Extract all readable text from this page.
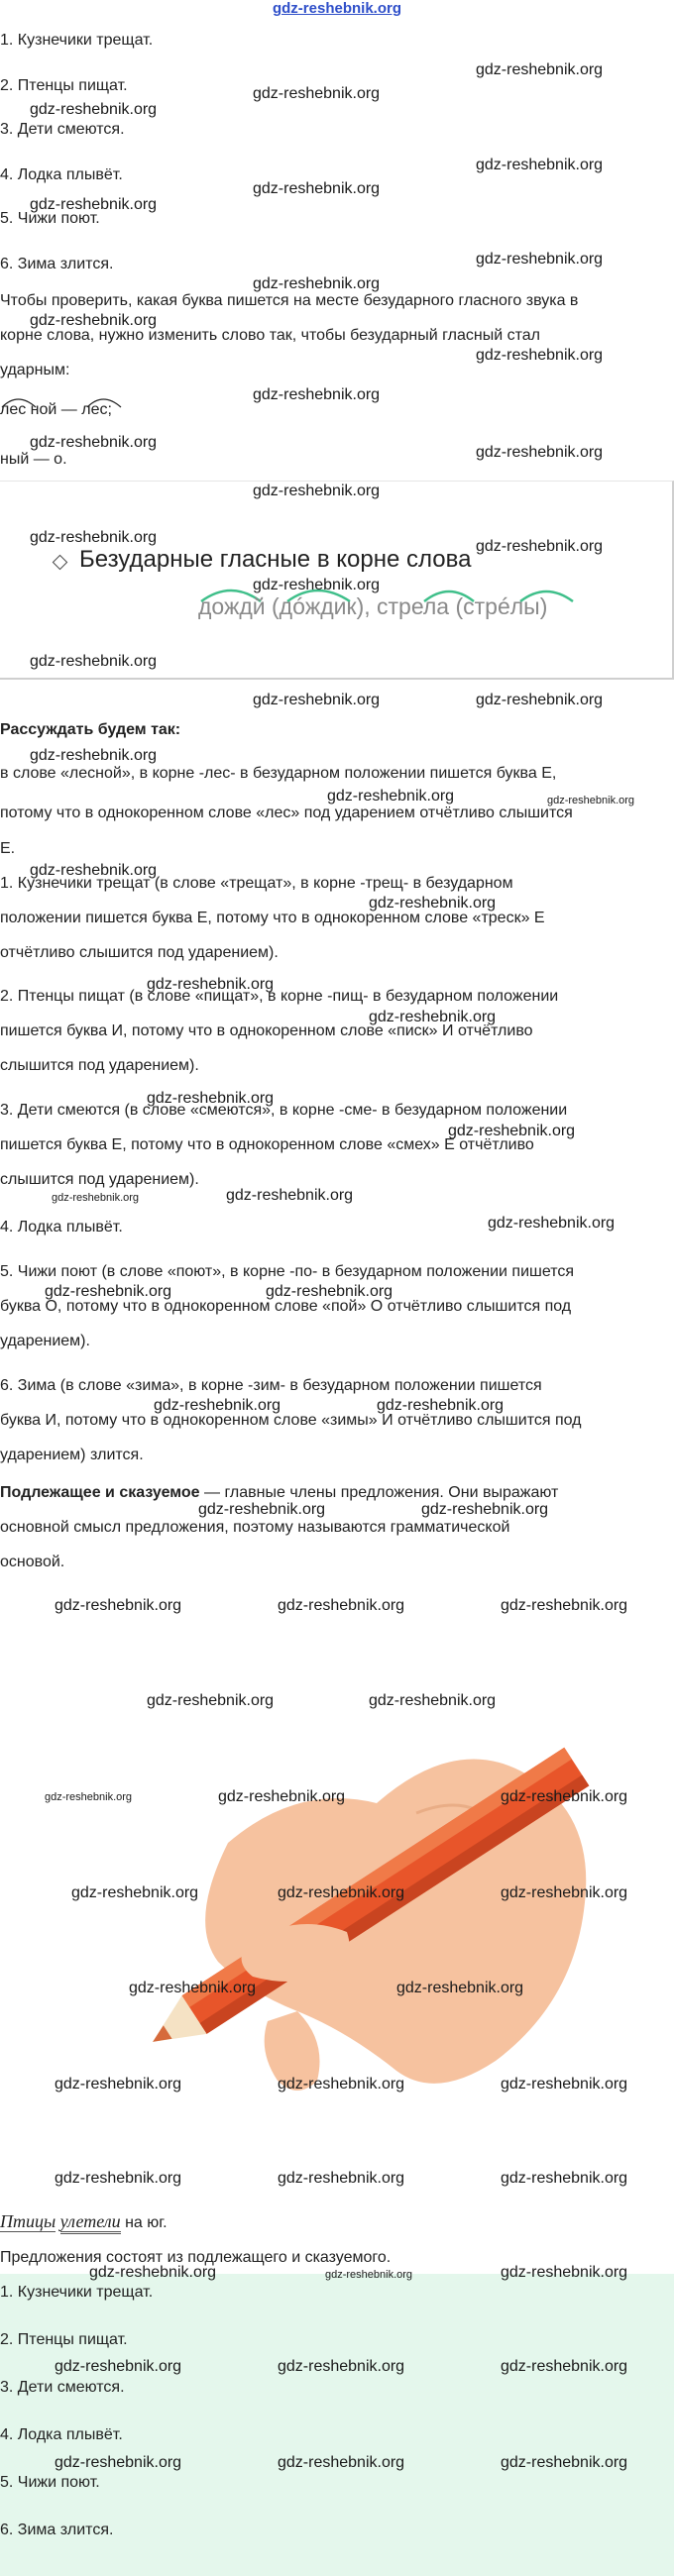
gdz-reshebnik.org
1. Кузнечики трещат.
2. Птенцы пищат.
3. Дети смеются.
4. Лодка плывёт.
5. Чижи поют.
6. Зима злится.
Чтобы проверить, какая буква пишется на месте безударного гласного звука в
корне слова, нужно изменить слово так, чтобы безударный гласный стал
ударным:
лес ной — лес;
ный — о.
Безударные гласные в корне слова
дождй (дóждик), стрела (стрéлы)
Рассуждать будем так:
в слове «лесной», в корне -лес- в безударном положении пишется буква Е,
потому что в однокоренном слове «лес» под ударением отчётливо слышится
Е.
1. Кузнечики трещат (в слове «трещат», в корне -трещ- в безударном
положении пишется буква Е, потому что в однокоренном слове «треск» Е
отчётливо слышится под ударением).
2. Птенцы пищат (в слове «пищат», в корне -пищ- в безударном положении
пишется буква И, потому что в однокоренном слове «писк» И отчётливо
слышится под ударением).
3. Дети смеются (в слове «смеются», в корне -сме- в безударном положении
пишется буква Е, потому что в однокоренном слове «смех» Е отчётливо
слышится под ударением).
4. Лодка плывёт.
5. Чижи поют (в слове «поют», в корне -по- в безударном положении пишется
буква О, потому что в однокоренном слове «пой» О отчётливо слышится под
ударением).
6. Зима (в слове «зима», в корне -зим- в безударном положении пишется
буква И, потому что в однокоренном слове «зимы» И отчётливо слышится под
ударением) злится.
Подлежащее и сказуемое — главные члены предложения. Они выражают
основной смысл предложения, поэтому называются грамматической
основой.
Птицы улетели на юг.
Предложения состоят из подлежащего и сказуемого.
1. Кузнечики трещат.
2. Птенцы пищат.
3. Дети смеются.
4. Лодка плывёт.
5. Чижи поют.
6. Зима злится.
gdz-reshebnik.org
gdz-reshebnik.org
gdz-reshebnik.org
gdz-reshebnik.org
gdz-reshebnik.org
gdz-reshebnik.org
gdz-reshebnik.org
gdz-reshebnik.org
gdz-reshebnik.org
gdz-reshebnik.org
gdz-reshebnik.org
gdz-reshebnik.org
gdz-reshebnik.org
gdz-reshebnik.org
gdz-reshebnik.org
gdz-reshebnik.org
gdz-reshebnik.org
gdz-reshebnik.org
gdz-reshebnik.org	gdz-reshebnik.org
gdz-reshebnik.org
gdz-reshebnik.org	gdz-reshebnik.org
gdz-reshebnik.org
gdz-reshebnik.org
gdz-reshebnik.org
gdz-reshebnik.org
gdz-reshebnik.org
gdz-reshebnik.org
gdz-reshebnik.org	gdz-reshebnik.org
gdz-reshebnik.org
gdz-reshebnik.org	gdz-reshebnik.org
gdz-reshebnik.org	gdz-reshebnik.org
gdz-reshebnik.org	gdz-reshebnik.org
gdz-reshebnik.org	gdz-reshebnik.org	gdz-reshebnik.org
gdz-reshebnik.org	gdz-reshebnik.org
gdz-reshebnik.org	gdz-reshebnik.org	gdz-reshebnik.org
gdz-reshebnik.org	gdz-reshebnik.org	gdz-reshebnik.org
gdz-reshebnik.org	gdz-reshebnik.org
gdz-reshebnik.org	gdz-reshebnik.org	gdz-reshebnik.org
gdz-reshebnik.org	gdz-reshebnik.org	gdz-reshebnik.org
gdz-reshebnik.org	gdz-reshebnik.org	gdz-reshebnik.org
gdz-reshebnik.org	gdz-reshebnik.org	gdz-reshebnik.org
gdz-reshebnik.org	gdz-reshebnik.org	gdz-reshebnik.org
